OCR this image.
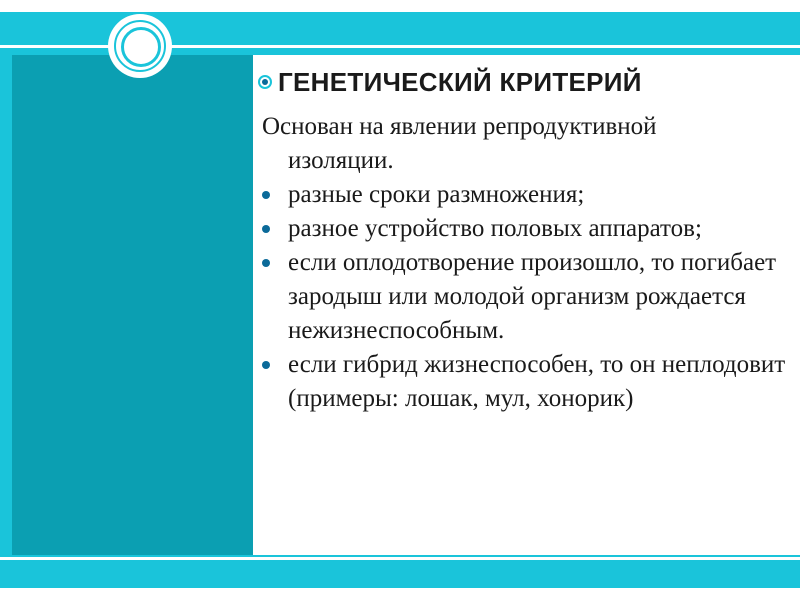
ГЕНЕТИЧЕСКИЙ КРИТЕРИЙ

Основан на явлении репродуктивной
изоляции.

разные сроки размножения;
разное устройство половых аппаратов;
если оплодотворение произошло, то погибает зародыш или молодой организм рождается нежизнеспособным.
если гибрид жизнеспособен, то он неплодовит (примеры: лошак, мул, хонорик)
